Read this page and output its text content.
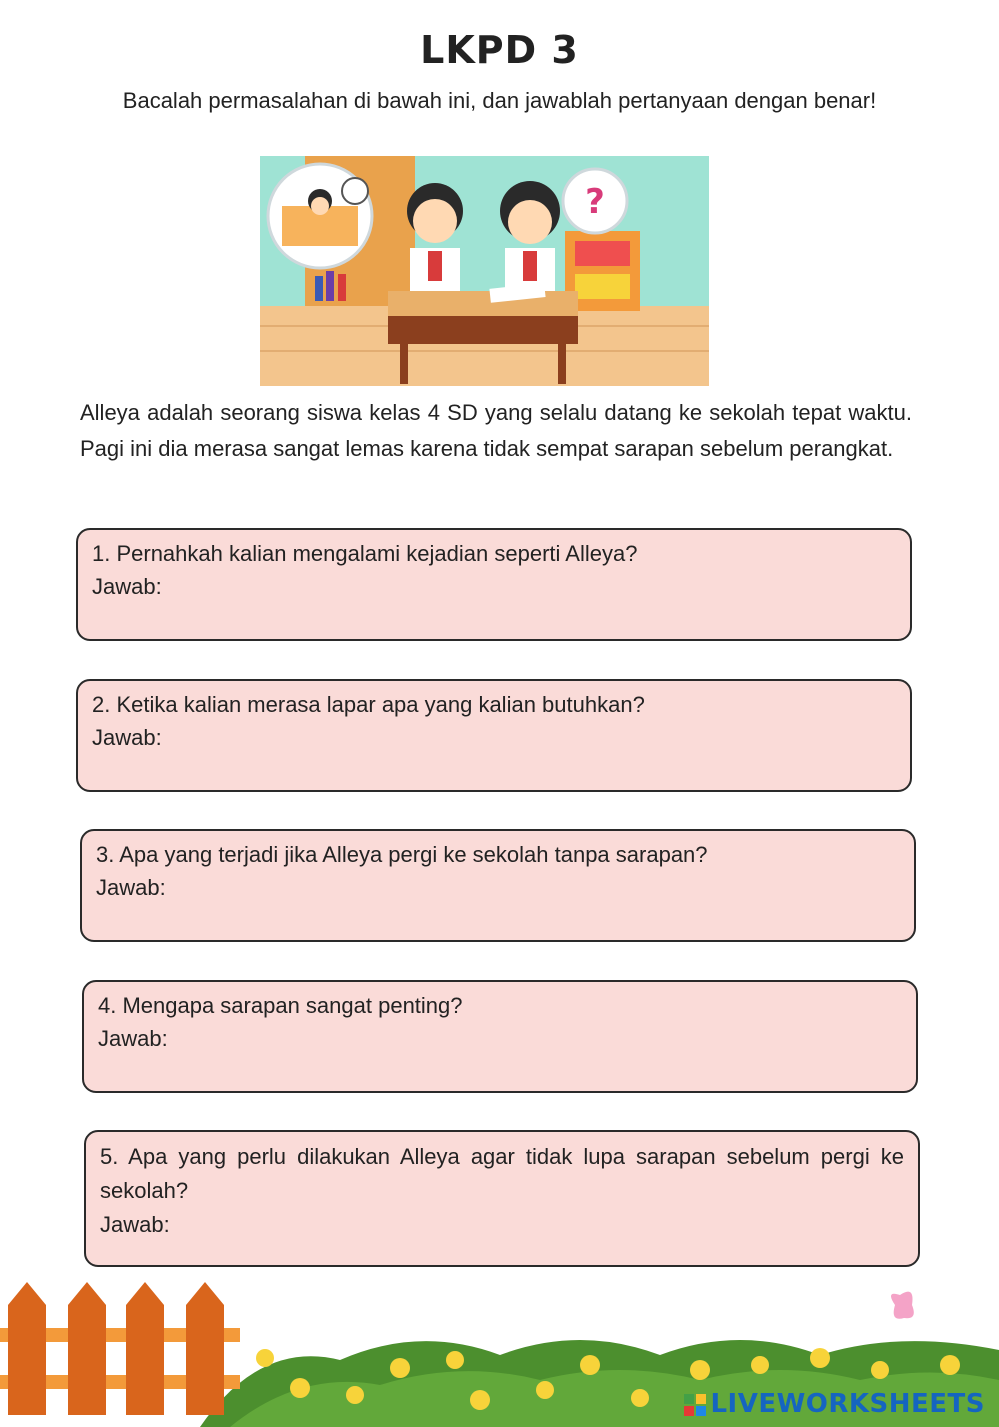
LKPD 3
Bacalah permasalahan di bawah ini, dan jawablah pertanyaan dengan benar!
?
Alleya adalah seorang siswa kelas 4 SD yang selalu datang ke sekolah tepat waktu. Pagi ini dia merasa sangat lemas karena tidak sempat sarapan sebelum perangkat.
1. Pernahkah kalian mengalami kejadian seperti Alleya?
Jawab:
2. Ketika kalian merasa lapar apa yang kalian butuhkan?
Jawab:
3. Apa yang terjadi jika Alleya pergi ke sekolah tanpa sarapan?
Jawab:
4. Mengapa sarapan sangat penting?
Jawab:
5. Apa yang perlu dilakukan Alleya agar tidak lupa sarapan sebelum pergi ke sekolah?
Jawab:
LIVEWORKSHEETS
